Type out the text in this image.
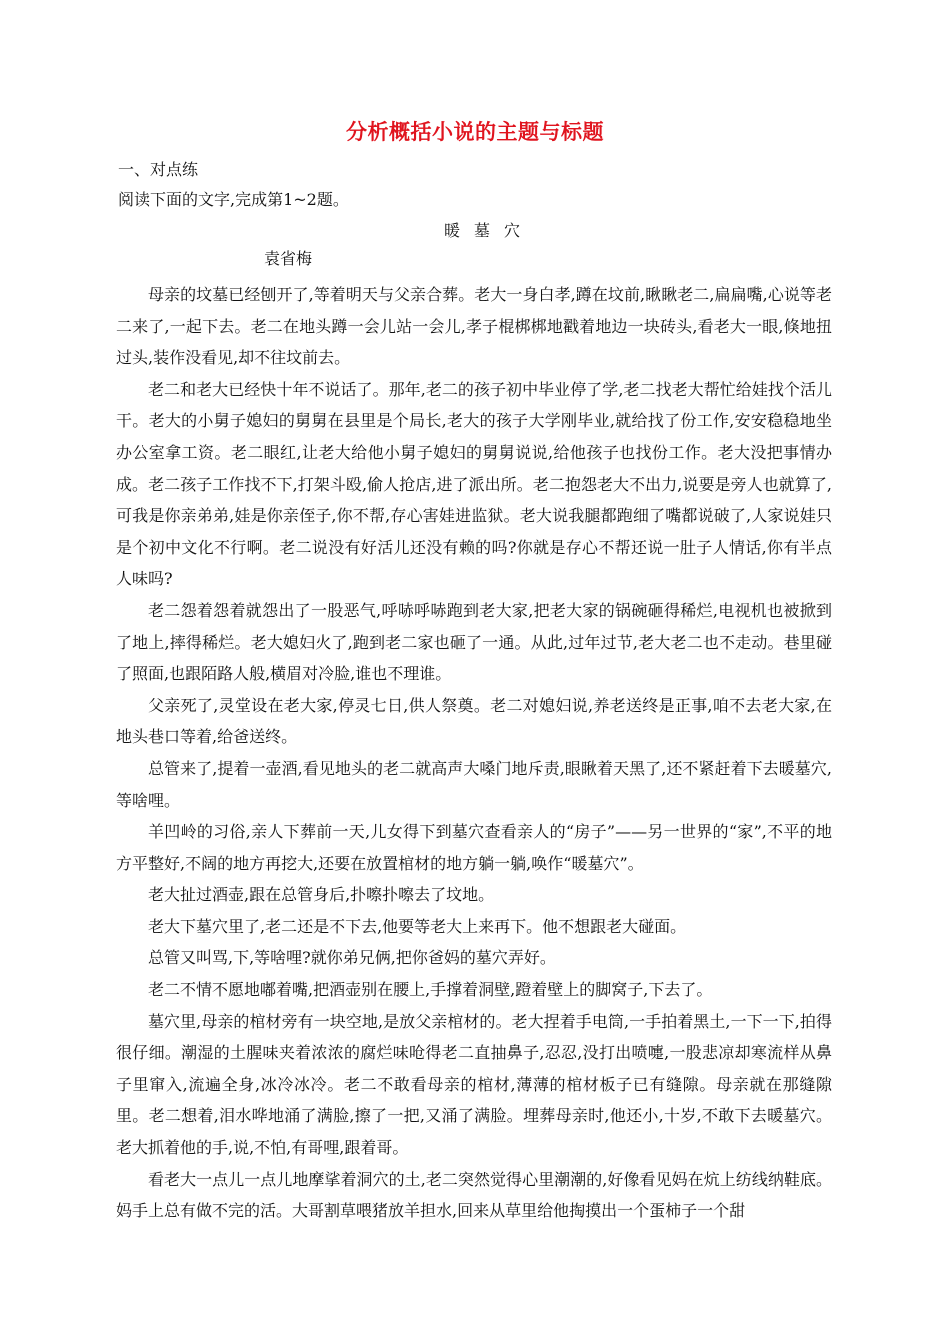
分析概括小说的主题与标题
一、对点练
阅读下面的文字,完成第1~2题。
暖墓穴
袁省梅

母亲的坟墓已经刨开了,等着明天与父亲合葬。老大一身白孝,蹲在坟前,瞅瞅老二,扁扁嘴,心说等老二来了,一起下去。老二在地头蹲一会儿站一会儿,孝子棍梆梆地戳着地边一块砖头,看老大一眼,倏地扭过头,装作没看见,却不往坟前去。

老二和老大已经快十年不说话了。那年,老二的孩子初中毕业停了学,老二找老大帮忙给娃找个活儿干。老大的小舅子媳妇的舅舅在县里是个局长,老大的孩子大学刚毕业,就给找了份工作,安安稳稳地坐办公室拿工资。老二眼红,让老大给他小舅子媳妇的舅舅说说,给他孩子也找份工作。老大没把事情办成。老二孩子工作找不下,打架斗殴,偷人抢店,进了派出所。老二抱怨老大不出力,说要是旁人也就算了,可我是你亲弟弟,娃是你亲侄子,你不帮,存心害娃进监狱。老大说我腿都跑细了嘴都说破了,人家说娃只是个初中文化不行啊。老二说没有好活儿还没有赖的吗?你就是存心不帮还说一肚子人情话,你有半点人味吗?

老二怨着怨着就怨出了一股恶气,呼哧呼哧跑到老大家,把老大家的锅碗砸得稀烂,电视机也被掀到了地上,摔得稀烂。老大媳妇火了,跑到老二家也砸了一通。从此,过年过节,老大老二也不走动。巷里碰了照面,也跟陌路人般,横眉对冷脸,谁也不理谁。

父亲死了,灵堂设在老大家,停灵七日,供人祭奠。老二对媳妇说,养老送终是正事,咱不去老大家,在地头巷口等着,给爸送终。

总管来了,提着一壶酒,看见地头的老二就高声大嗓门地斥责,眼瞅着天黑了,还不紧赶着下去暖墓穴,等啥哩。

羊凹岭的习俗,亲人下葬前一天,儿女得下到墓穴查看亲人的“房子”——另一世界的“家”,不平的地方平整好,不阔的地方再挖大,还要在放置棺材的地方躺一躺,唤作“暖墓穴”。

老大扯过酒壶,跟在总管身后,扑嚓扑嚓去了坟地。

老大下墓穴里了,老二还是不下去,他要等老大上来再下。他不想跟老大碰面。

总管又叫骂,下,等啥哩?就你弟兄俩,把你爸妈的墓穴弄好。

老二不情不愿地嘟着嘴,把酒壶别在腰上,手撑着洞壁,蹬着壁上的脚窝子,下去了。

墓穴里,母亲的棺材旁有一块空地,是放父亲棺材的。老大捏着手电筒,一手拍着黑土,一下一下,拍得很仔细。潮湿的土腥味夹着浓浓的腐烂味呛得老二直抽鼻子,忍忍,没打出喷嚏,一股悲凉却寒流样从鼻子里窜入,流遍全身,冰冷冰冷。老二不敢看母亲的棺材,薄薄的棺材板子已有缝隙。母亲就在那缝隙里。老二想着,泪水哗地涌了满脸,擦了一把,又涌了满脸。埋葬母亲时,他还小,十岁,不敢下去暖墓穴。老大抓着他的手,说,不怕,有哥哩,跟着哥。

看老大一点儿一点儿地摩挲着洞穴的土,老二突然觉得心里潮潮的,好像看见妈在炕上纺线纳鞋底。妈手上总有做不完的活。大哥割草喂猪放羊担水,回来从草里给他掏摸出一个蛋柿子一个甜
